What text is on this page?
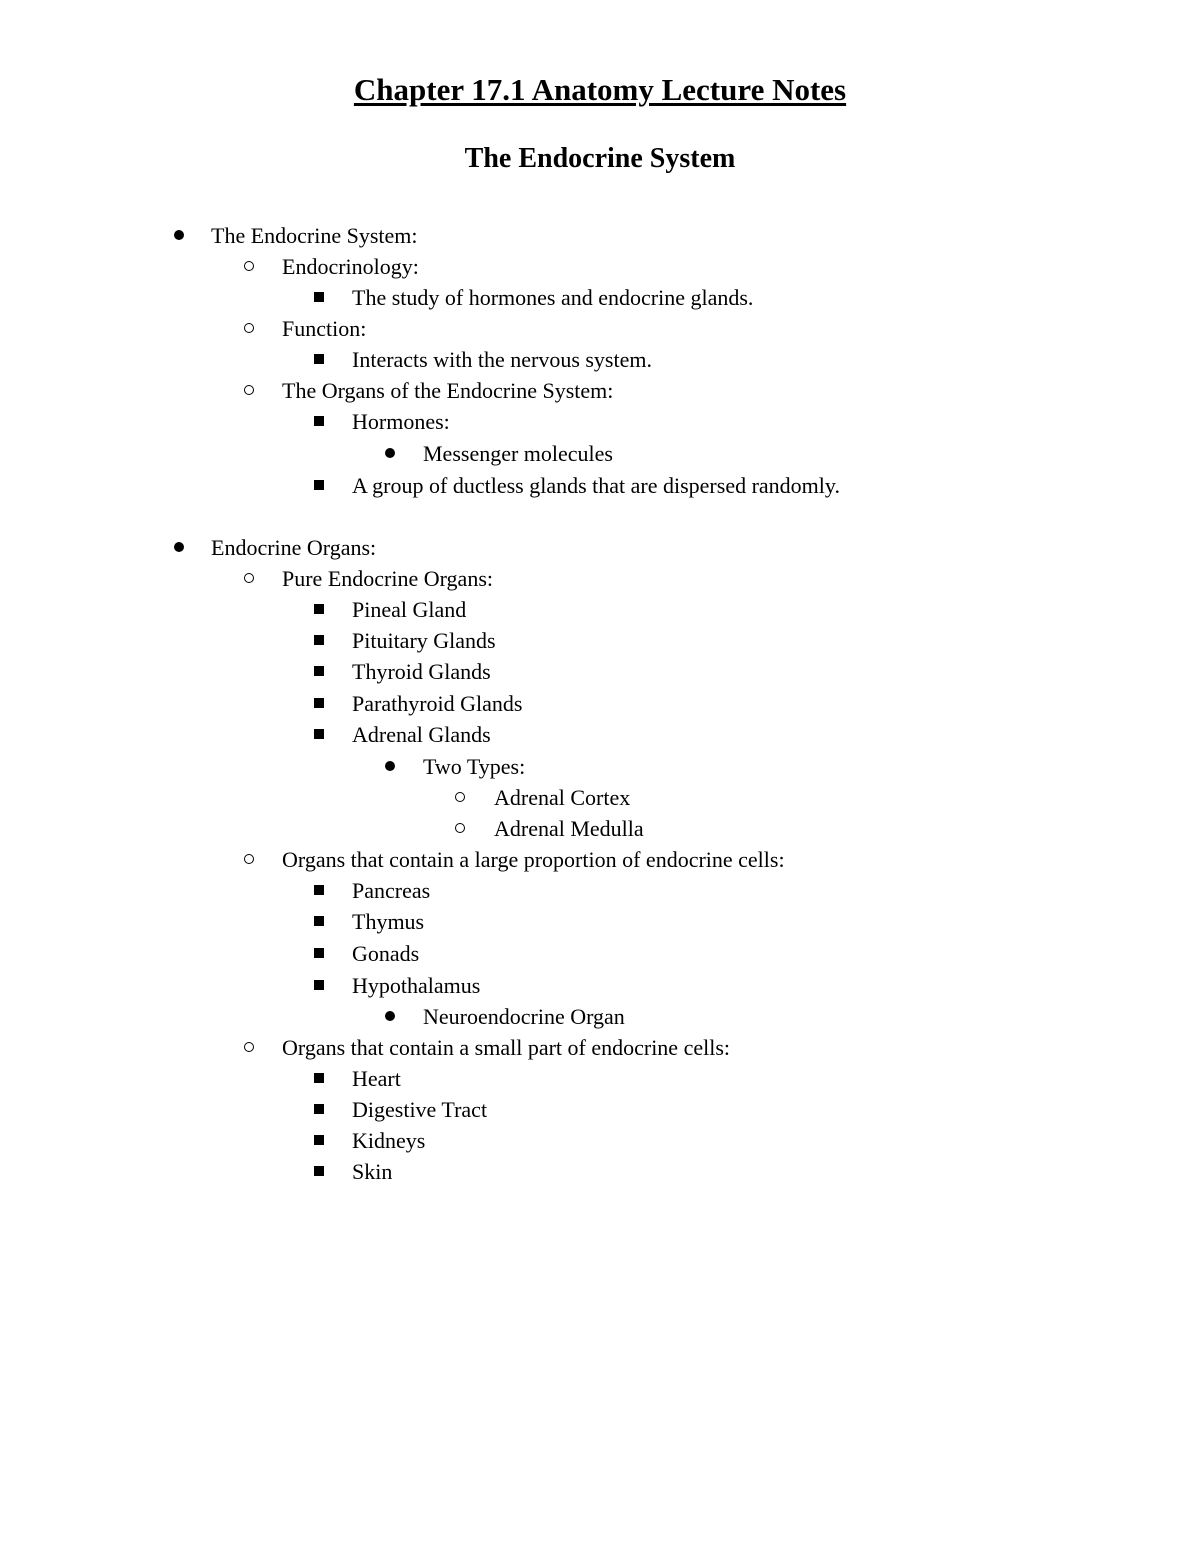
Chapter 17.1 Anatomy Lecture Notes
The Endocrine System
The Endocrine System:
Endocrinology:
The study of hormones and endocrine glands.
Function:
Interacts with the nervous system.
The Organs of the Endocrine System:
Hormones:
Messenger molecules
A group of ductless glands that are dispersed randomly.
Endocrine Organs:
Pure Endocrine Organs:
Pineal Gland
Pituitary Glands
Thyroid Glands
Parathyroid Glands
Adrenal Glands
Two Types:
Adrenal Cortex
Adrenal Medulla
Organs that contain a large proportion of endocrine cells:
Pancreas
Thymus
Gonads
Hypothalamus
Neuroendocrine Organ
Organs that contain a small part of endocrine cells:
Heart
Digestive Tract
Kidneys
Skin
